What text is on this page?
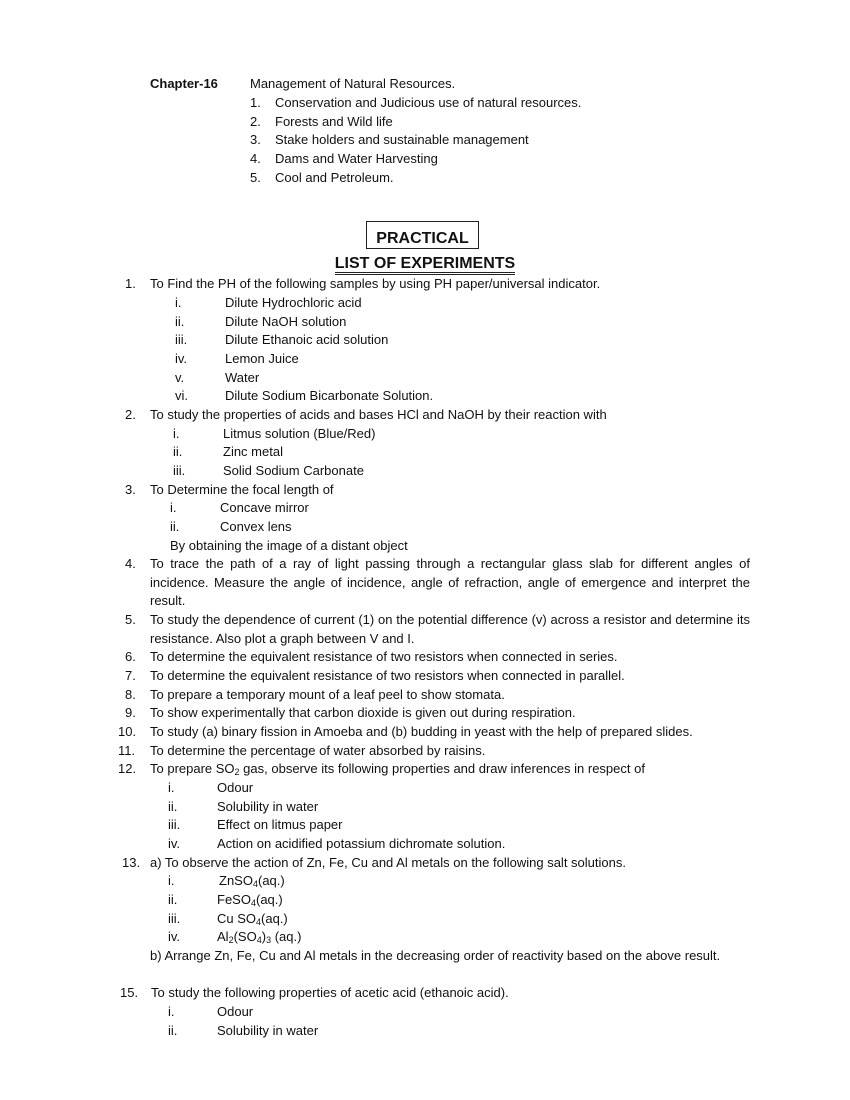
Chapter-16 Management of Natural Resources.
1. Conservation and Judicious use of natural resources.
2. Forests and Wild life
3. Stake holders and sustainable management
4. Dams and Water Harvesting
5. Cool and Petroleum.
PRACTICAL
LIST OF EXPERIMENTS
1. To Find the PH of the following samples by using PH paper/universal indicator.
i.	Dilute Hydrochloric acid
ii.	Dilute NaOH solution
iii.	Dilute Ethanoic acid solution
iv.	Lemon Juice
v.	Water
vi.	Dilute Sodium Bicarbonate Solution.
2. To study the properties of acids and bases HCl and NaOH by their reaction with
i.	Litmus solution (Blue/Red)
ii.	Zinc metal
iii.	Solid Sodium Carbonate
3. To Determine the focal length of
i.	Concave mirror
ii.	Convex lens
By obtaining the image of a distant object
4. To trace the path of a ray of light passing through a rectangular glass slab for different angles of incidence. Measure the angle of incidence, angle of refraction, angle of emergence and interpret the result.
5. To study the dependence of current (1) on the potential difference (v) across a resistor and determine its resistance. Also plot a graph between V and I.
6. To determine the equivalent resistance of two resistors when connected in series.
7. To determine the equivalent resistance of two resistors when connected in parallel.
8. To prepare a temporary mount of a leaf peel to show stomata.
9. To show experimentally that carbon dioxide is given out during respiration.
10. To study (a) binary fission in Amoeba and (b) budding in yeast with the help of prepared slides.
11. To determine the percentage of water absorbed by raisins.
12. To prepare $SO_2$ gas, observe its following properties and draw inferences in respect of
i.	Odour
ii.	Solubility in water
iii.	Effect on litmus paper
iv.	Action on acidified potassium dichromate solution.
13. a) To observe the action of Zn, Fe, Cu and Al metals on the following salt solutions.
i.	ZnSO$_4$(aq.)
ii.	FeSO$_4$(aq.)
iii.	Cu $SO_4(aq.)$
iv.	$Al_2(SO_4)_3$ (aq.)
b) Arrange Zn, Fe, Cu and Al metals in the decreasing order of reactivity based on the above result.
15. To study the following properties of acetic acid (ethanoic acid).
i.	Odour
ii.	Solubility in water
